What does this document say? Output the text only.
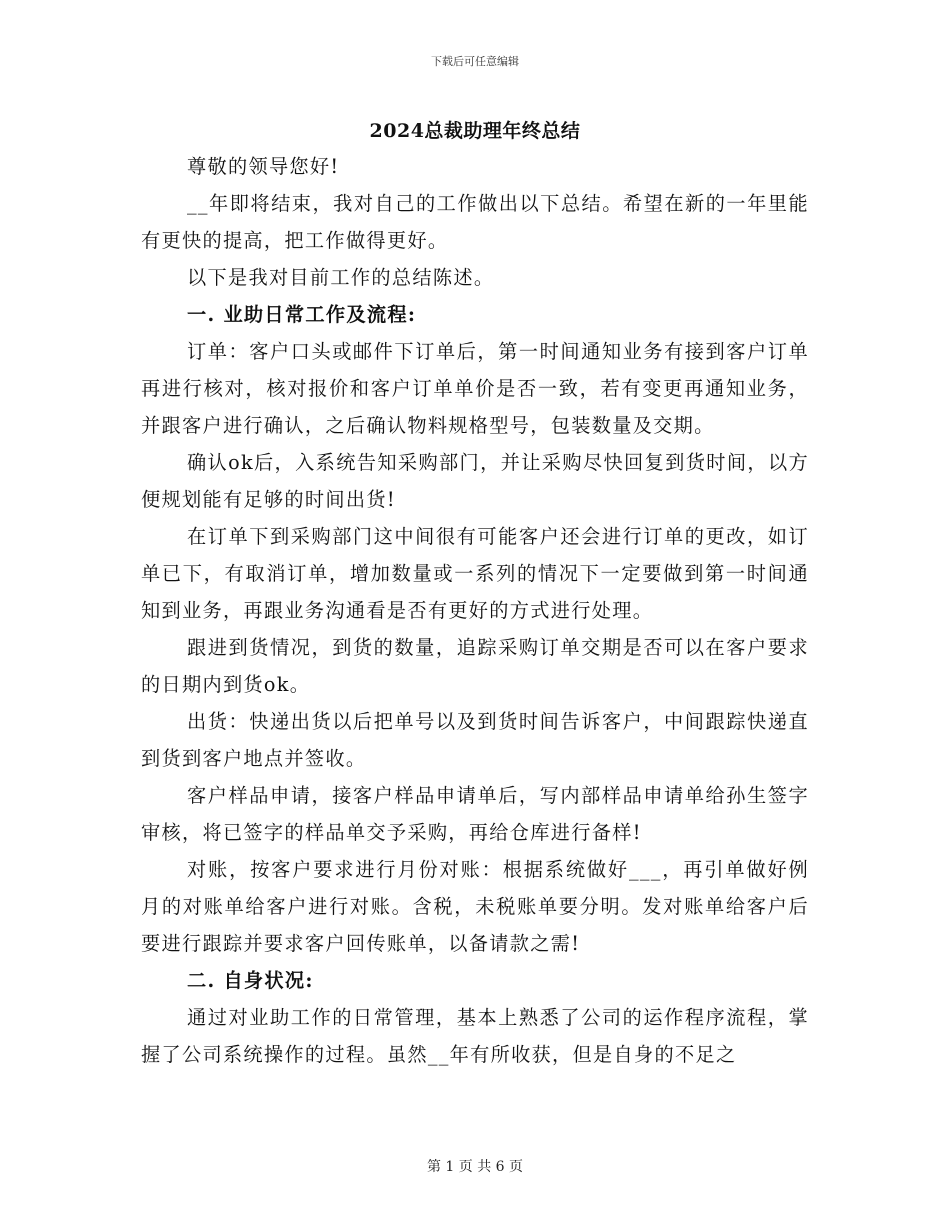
下载后可任意编辑
2024总裁助理年终总结

尊敬的领导您好!

__年即将结束，我对自己的工作做出以下总结。希望在新的一年里能有更快的提高，把工作做得更好。

以下是我对目前工作的总结陈述。

一. 业助日常工作及流程:

订单：客户口头或邮件下订单后，第一时间通知业务有接到客户订单再进行核对，核对报价和客户订单单价是否一致，若有变更再通知业务，并跟客户进行确认，之后确认物料规格型号，包装数量及交期。

确认ok后，入系统告知采购部门，并让采购尽快回复到货时间，以方便规划能有足够的时间出货!

在订单下到采购部门这中间很有可能客户还会进行订单的更改，如订单已下，有取消订单，增加数量或一系列的情况下一定要做到第一时间通知到业务，再跟业务沟通看是否有更好的方式进行处理。

跟进到货情况，到货的数量，追踪采购订单交期是否可以在客户要求的日期内到货ok。

出货：快递出货以后把单号以及到货时间告诉客户，中间跟踪快递直到货到客户地点并签收。

客户样品申请，接客户样品申请单后，写内部样品申请单给孙生签字审核，将已签字的样品单交予采购，再给仓库进行备样!

对账，按客户要求进行月份对账：根据系统做好___，再引单做好例月的对账单给客户进行对账。含税，未税账单要分明。发对账单给客户后要进行跟踪并要求客户回传账单，以备请款之需!

二. 自身状况:

通过对业助工作的日常管理，基本上熟悉了公司的运作程序流程，掌握了公司系统操作的过程。虽然__年有所收获，但是自身的不足之

第 1 页 共 6 页
